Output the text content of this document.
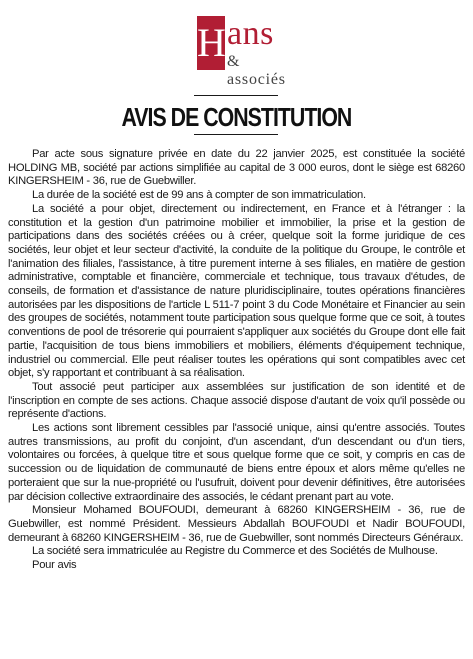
H ans
& associés
AVIS DE CONSTITUTION

Par acte sous signature privée en date du 22 janvier 2025, est constituée la société HOLDING MB, société par actions simplifiée au capital de 3 000 euros, dont le siège est 68260 KINGERSHEIM - 36, rue de Guebwiller.

La durée de la société est de 99 ans à compter de son immatriculation.

La société a pour objet, directement ou indirectement, en France et à l'étranger : la constitution et la gestion d'un patrimoine mobilier et immobilier, la prise et la gestion de participations dans des sociétés créées ou à créer, quelque soit la forme juridique de ces sociétés, leur objet et leur secteur d'activité, la conduite de la politique du Groupe, le contrôle et l'animation des filiales, l'assistance, à titre purement interne à ses filiales, en matière de gestion administrative, comptable et financière, commerciale et technique, tous travaux d'études, de conseils, de formation et d'assistance de nature pluridisciplinaire, toutes opérations financières autorisées par les dispositions de l'article L 511-7 point 3 du Code Monétaire et Financier au sein des groupes de sociétés, notamment toute participation sous quelque forme que ce soit, à toutes conventions de pool de trésorerie qui pourraient s'appliquer aux sociétés du Groupe dont elle fait partie, l'acquisition de tous biens immobiliers et mobiliers, éléments d'équipement technique, industriel ou commercial. Elle peut réaliser toutes les opérations qui sont compatibles avec cet objet, s'y rapportant et contribuant à sa réalisation.

Tout associé peut participer aux assemblées sur justification de son identité et de l'inscription en compte de ses actions. Chaque associé dispose d'autant de voix qu'il possède ou représente d'actions.

Les actions sont librement cessibles par l'associé unique, ainsi qu'entre associés. Toutes autres transmissions, au profit du conjoint, d'un ascendant, d'un descendant ou d'un tiers, volontaires ou forcées, à quelque titre et sous quelque forme que ce soit, y compris en cas de succession ou de liquidation de communauté de biens entre époux et alors même qu'elles ne porteraient que sur la nue-propriété ou l'usufruit, doivent pour devenir définitives, être autorisées par décision collective extraordinaire des associés, le cédant prenant part au vote.

Monsieur Mohamed BOUFOUDI, demeurant à 68260 KINGERSHEIM - 36, rue de Guebwiller, est nommé Président. Messieurs Abdallah BOUFOUDI et Nadir BOUFOUDI, demeurant à 68260 KINGERSHEIM - 36, rue de Guebwiller, sont nommés Directeurs Généraux.

La société sera immatriculée au Registre du Commerce et des Sociétés de Mulhouse.

Pour avis
